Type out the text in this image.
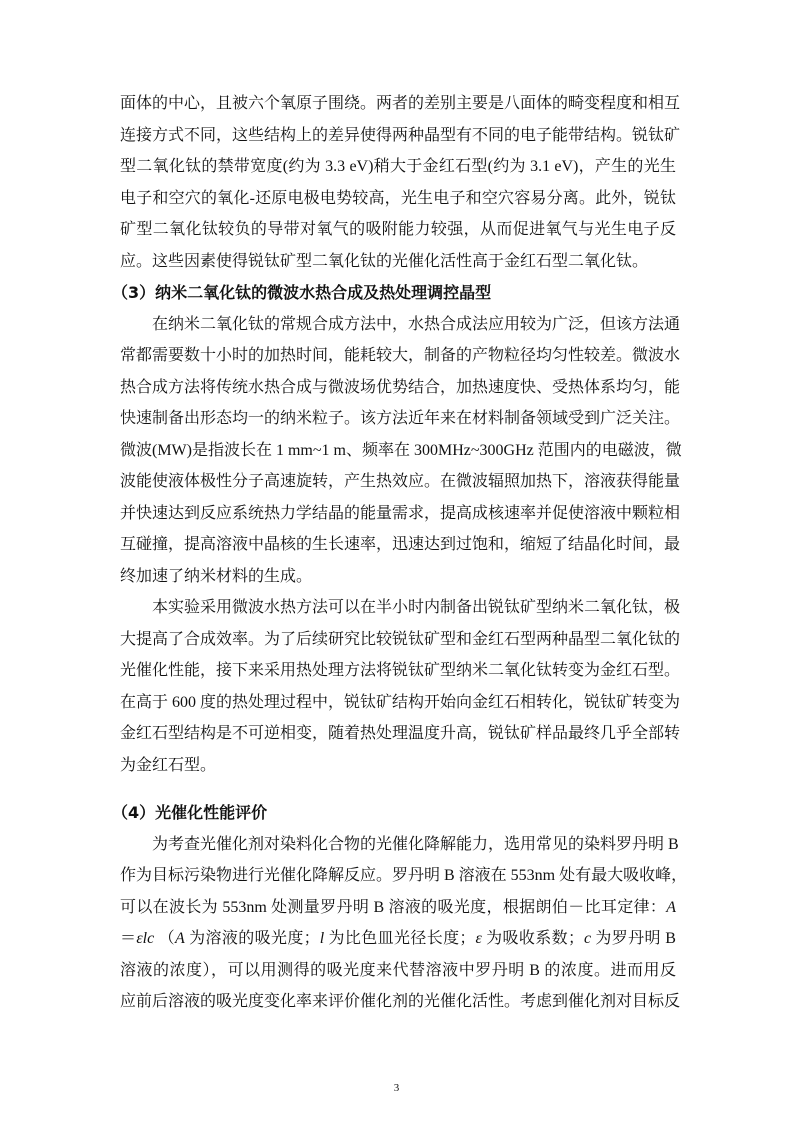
面体的中心，且被六个氧原子围绕。两者的差别主要是八面体的畸变程度和相互
连接方式不同，这些结构上的差异使得两种晶型有不同的电子能带结构。锐钛矿
型二氧化钛的禁带宽度(约为 3.3 eV)稍大于金红石型(约为 3.1 eV)，产生的光生
电子和空穴的氧化-还原电极电势较高，光生电子和空穴容易分离。此外，锐钛
矿型二氧化钛较负的导带对氧气的吸附能力较强，从而促进氧气与光生电子反
应。这些因素使得锐钛矿型二氧化钛的光催化活性高于金红石型二氧化钛。
（3）纳米二氧化钛的微波水热合成及热处理调控晶型
在纳米二氧化钛的常规合成方法中，水热合成法应用较为广泛，但该方法通
常都需要数十小时的加热时间，能耗较大，制备的产物粒径均匀性较差。微波水
热合成方法将传统水热合成与微波场优势结合，加热速度快、受热体系均匀，能
快速制备出形态均一的纳米粒子。该方法近年来在材料制备领域受到广泛关注。
微波(MW)是指波长在 1 mm~1 m、频率在 300MHz~300GHz 范围内的电磁波，微
波能使液体极性分子高速旋转，产生热效应。在微波辐照加热下，溶液获得能量
并快速达到反应系统热力学结晶的能量需求，提高成核速率并促使溶液中颗粒相
互碰撞，提高溶液中晶核的生长速率，迅速达到过饱和，缩短了结晶化时间，最
终加速了纳米材料的生成。
本实验采用微波水热方法可以在半小时内制备出锐钛矿型纳米二氧化钛，极
大提高了合成效率。为了后续研究比较锐钛矿型和金红石型两种晶型二氧化钛的
光催化性能，接下来采用热处理方法将锐钛矿型纳米二氧化钛转变为金红石型。
在高于 600 度的热处理过程中，锐钛矿结构开始向金红石相转化，锐钛矿转变为
金红石型结构是不可逆相变，随着热处理温度升高，锐钛矿样品最终几乎全部转
为金红石型。
（4）光催化性能评价
为考查光催化剂对染料化合物的光催化降解能力，选用常见的染料罗丹明 B
作为目标污染物进行光催化降解反应。罗丹明 B 溶液在 553nm 处有最大吸收峰，
可以在波长为 553nm 处测量罗丹明 B 溶液的吸光度，根据朗伯－比耳定律：A
＝εlc （A 为溶液的吸光度；l 为比色皿光径长度；ε 为吸收系数；c 为罗丹明 B
溶液的浓度），可以用测得的吸光度来代替溶液中罗丹明 B 的浓度。进而用反
应前后溶液的吸光度变化率来评价催化剂的光催化活性。考虑到催化剂对目标反
3
